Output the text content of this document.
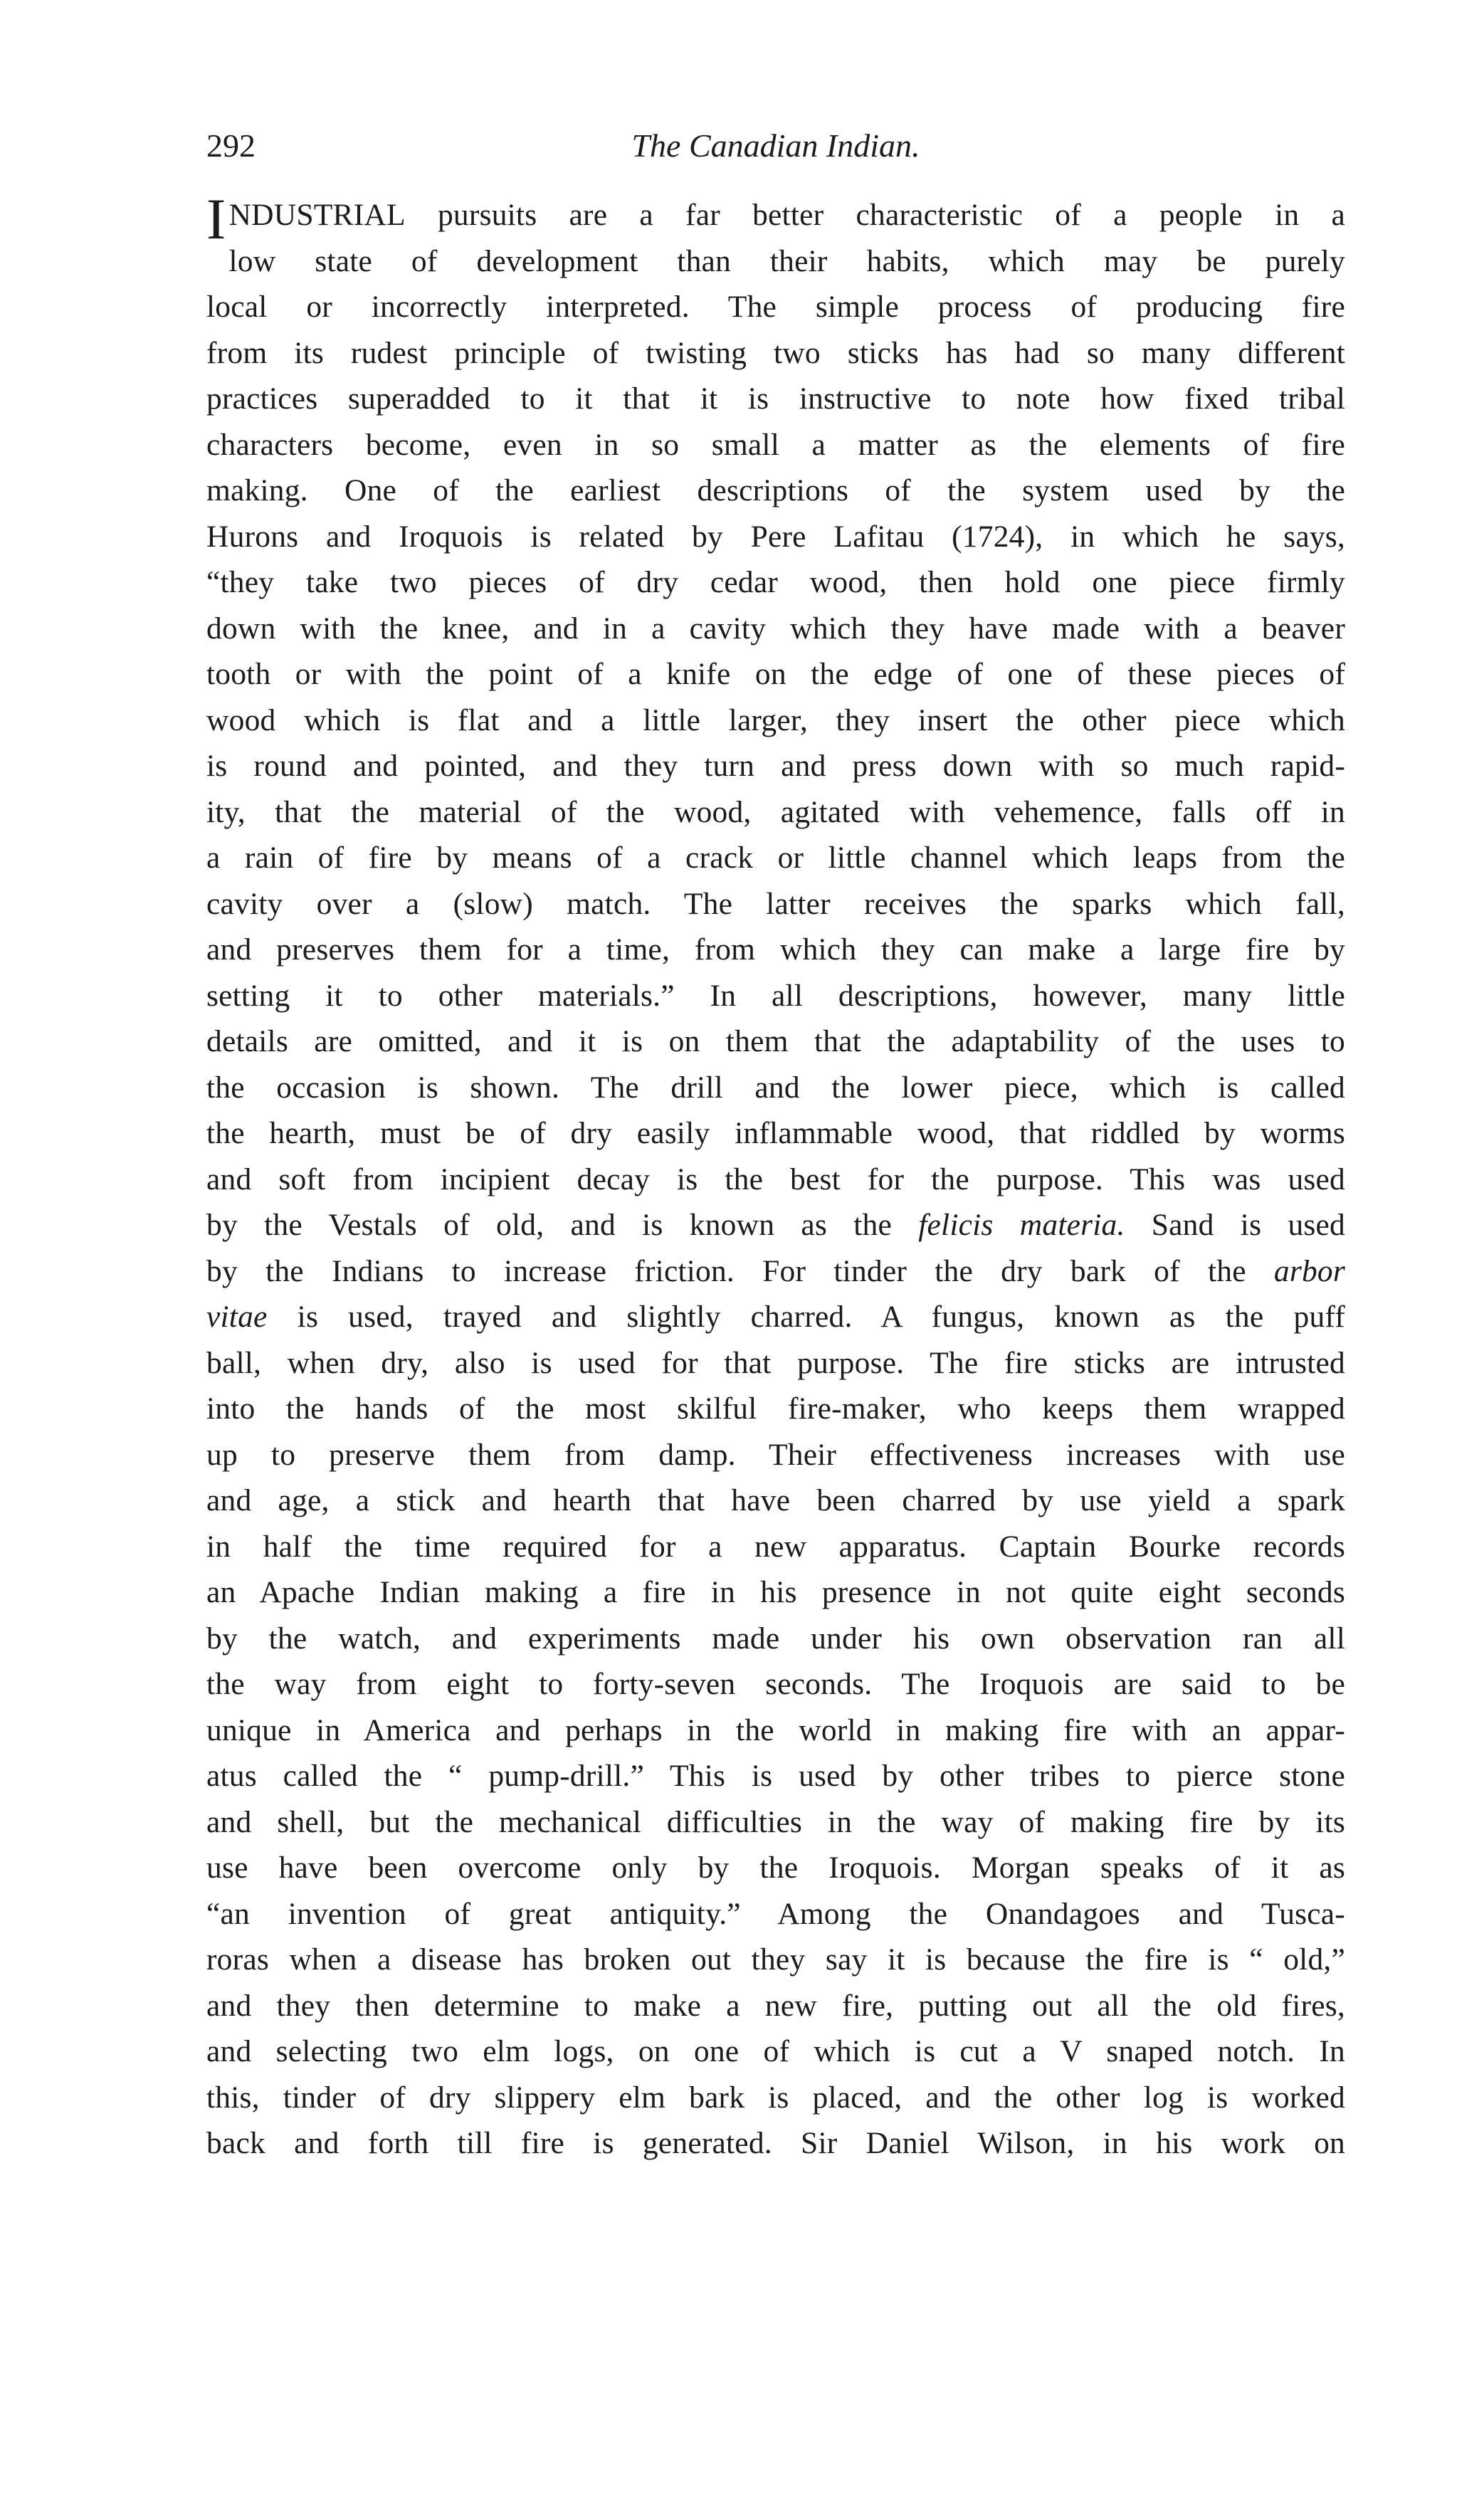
292	The Canadian Indian.
I NDUSTRIAL pursuits are a far better characteristic of a people in a
low state of development than their habits, which may be purely
local or incorrectly interpreted. The simple process of producing fire
from its rudest principle of twisting two sticks has had so many different
practices superadded to it that it is instructive to note how fixed tribal
characters become, even in so small a matter as the elements of fire
making. One of the earliest descriptions of the system used by the
Hurons and Iroquois is related by Pere Lafitau (1724), in which he says,
“they take two pieces of dry cedar wood, then hold one piece firmly
down with the knee, and in a cavity which they have made with a beaver
tooth or with the point of a knife on the edge of one of these pieces of
wood which is flat and a little larger, they insert the other piece which
is round and pointed, and they turn and press down with so much rapid-
ity, that the material of the wood, agitated with vehemence, falls off in
a rain of fire by means of a crack or little channel which leaps from the
cavity over a (slow) match. The latter receives the sparks which fall,
and preserves them for a time, from which they can make a large fire by
setting it to other materials.” In all descriptions, however, many little
details are omitted, and it is on them that the adaptability of the uses to
the occasion is shown. The drill and the lower piece, which is called
the hearth, must be of dry easily inflammable wood, that riddled by worms
and soft from incipient decay is the best for the purpose. This was used
by the Vestals of old, and is known as the felicis materia. Sand is used
by the Indians to increase friction. For tinder the dry bark of the arbor
vitae is used, trayed and slightly charred. A fungus, known as the puff
ball, when dry, also is used for that purpose. The fire sticks are intrusted
into the hands of the most skilful fire-maker, who keeps them wrapped
up to preserve them from damp. Their effectiveness increases with use
and age, a stick and hearth that have been charred by use yield a spark
in half the time required for a new apparatus. Captain Bourke records
an Apache Indian making a fire in his presence in not quite eight seconds
by the watch, and experiments made under his own observation ran all
the way from eight to forty-seven seconds. The Iroquois are said to be
unique in America and perhaps in the world in making fire with an appar-
atus called the “ pump-drill.” This is used by other tribes to pierce stone
and shell, but the mechanical difficulties in the way of making fire by its
use have been overcome only by the Iroquois. Morgan speaks of it as
“an invention of great antiquity.” Among the Onandagoes and Tusca-
roras when a disease has broken out they say it is because the fire is “ old,”
and they then determine to make a new fire, putting out all the old fires,
and selecting two elm logs, on one of which is cut a V snaped notch. In
this, tinder of dry slippery elm bark is placed, and the other log is worked
back and forth till fire is generated. Sir Daniel Wilson, in his work on
